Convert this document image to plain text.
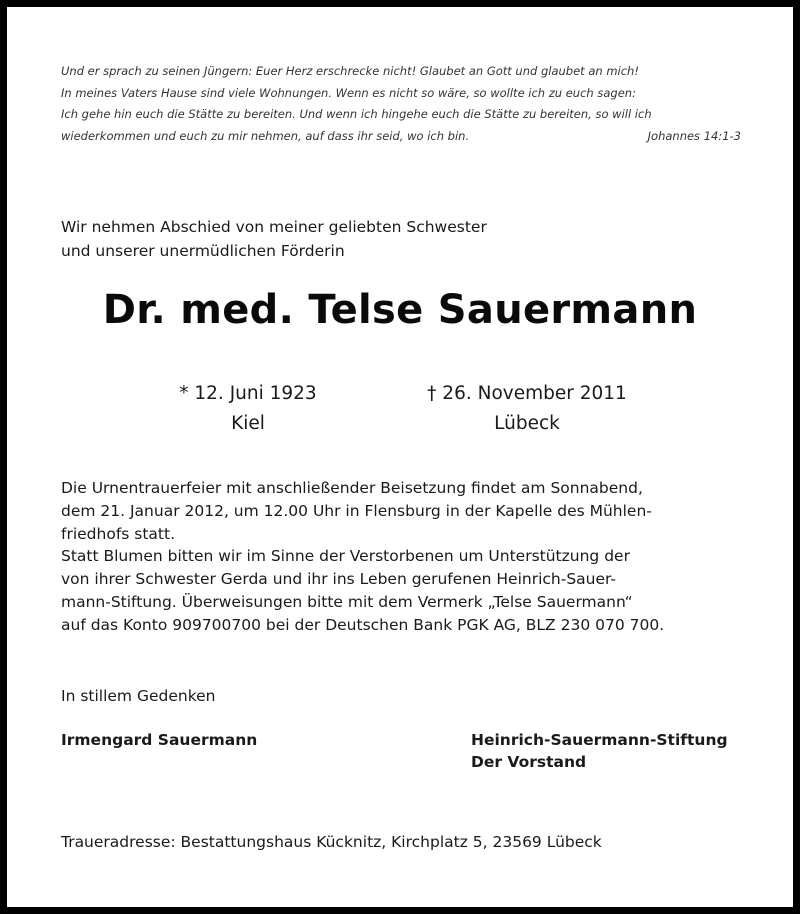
Und er sprach zu seinen Jüngern: Euer Herz erschrecke nicht! Glaubet an Gott und glaubet an mich!
In meines Vaters Hause sind viele Wohnungen. Wenn es nicht so wäre, so wollte ich zu euch sagen:
Ich gehe hin euch die Stätte zu bereiten. Und wenn ich hingehe euch die Stätte zu bereiten, so will ich
wiederkommen und euch zu mir nehmen, auf dass ihr seid, wo ich bin.	Johannes 14:1-3
Wir nehmen Abschied von meiner geliebten Schwester
und unserer unermüdlichen Förderin
Dr. med. Telse Sauermann
* 12. Juni 1923
Kiel
† 26. November 2011
Lübeck
Die Urnentrauerfeier mit anschließender Beisetzung findet am Sonnabend,
dem 21. Januar 2012, um 12.00 Uhr in Flensburg in der Kapelle des Mühlen-
friedhofs statt.
Statt Blumen bitten wir im Sinne der Verstorbenen um Unterstützung der
von ihrer Schwester Gerda und ihr ins Leben gerufenen Heinrich-Sauer-
mann-Stiftung. Überweisungen bitte mit dem Vermerk „Telse Sauermann“
auf das Konto 909700700 bei der Deutschen Bank PGK AG, BLZ 230 070 700.
In stillem Gedenken
Irmengard Sauermann	Heinrich-Sauermann-Stiftung
Der Vorstand
Traueradresse: Bestattungshaus Kücknitz, Kirchplatz 5, 23569 Lübeck
